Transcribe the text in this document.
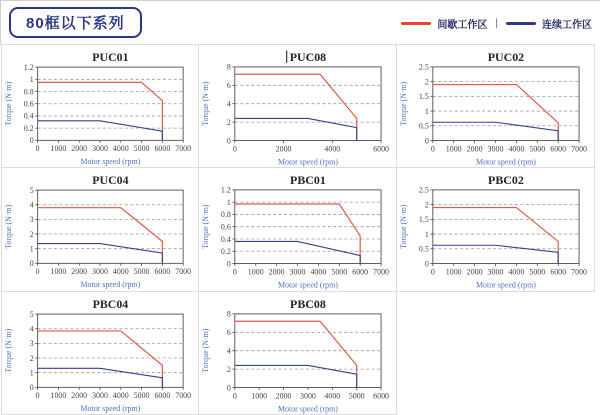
80框以下系列	间歇工作区 |	连续工作区
PUC01
0
0.2
0.4
0.6
0.8
1
1.2
0 1000 2000 3000 4000 5000 6000 7000
Motor speed (rpm)
Torque (N·m)
PUC08
0
2
4
6
8
0	2000	4000	6000
Motor speed (rpm)
Torque (N·m)
PUC02
0
0.5
1
1.5
2
2.5
0 1000 2000 3000 4000 5000 6000 7000
Motor speed (rpm)
Torque (N·m)
PUC04
0
1
2
3
4
5
0 1000 2000 3000 4000 5000 6000 7000
Motor speed (rpm)
Torque (N·m)
PBC01
0
0.2
0.4
0.6
0.8
1
1.2
0 1000 2000 3000 4000 5000 6000 7000
Motor speed (rpm)
Torque (N·m)
PBC02
0
0.5
1
1.5
2
2.5
0 1000 2000 3000 4000 5000 6000 7000
Motor speed (rpm)
Torque (N·m)
PBC04
0
1
2
3
4
5
0 1000 2000 3000 4000 5000 6000 7000
Motor speed (rpm)
Torque (N·m)
PBC08
0
2
4
6
8
0 1000 2000 3000 4000 5000 6000
Motor speed (rpm)
Torque (N·m)
